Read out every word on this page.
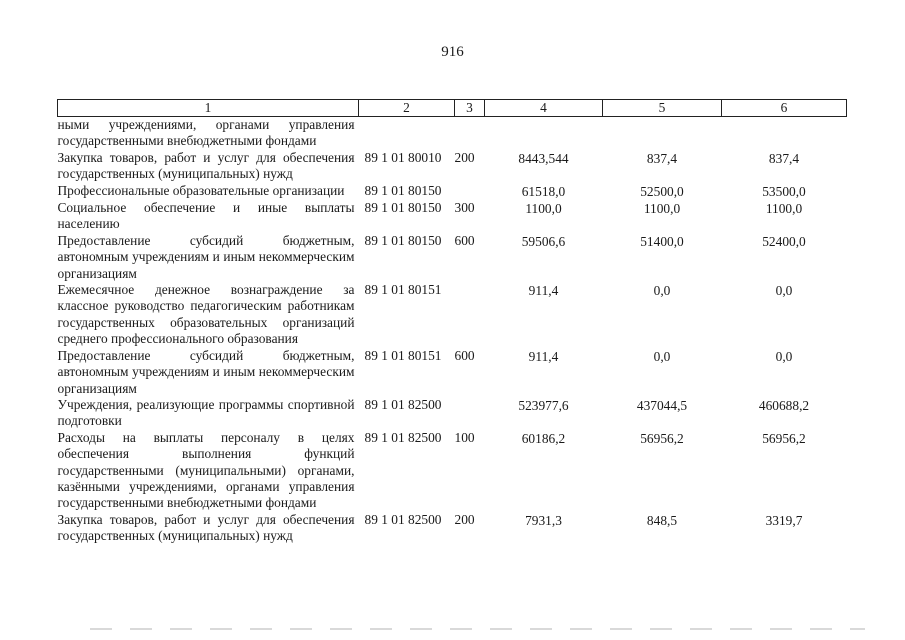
916
1	2	3	4	5	6
ными учреждениями, органами управления государственными внебюджетными фондами					
Закупка товаров, работ и услуг для обеспечения государственных (муниципальных) нужд	89 1 01 80010	200	8443,544	837,4	837,4
Профессиональные образовательные организации	89 1 01 80150		61518,0	52500,0	53500,0
Социальное обеспечение и иные выплаты населению	89 1 01 80150	300	1100,0	1100,0	1100,0
Предоставление субсидий бюджетным, автономным учреждениям и иным некоммерческим организациям	89 1 01 80150	600	59506,6	51400,0	52400,0
Ежемесячное денежное вознаграждение за классное руководство педагогическим работникам государственных образовательных организаций среднего профессионального образования	89 1 01 80151		911,4	0,0	0,0
Предоставление субсидий бюджетным, автономным учреждениям и иным некоммерческим организациям	89 1 01 80151	600	911,4	0,0	0,0
Учреждения, реализующие программы спортивной подготовки	89 1 01 82500		523977,6	437044,5	460688,2
Расходы на выплаты персоналу в целях обеспечения выполнения функций государственными (муниципальными) органами, казёнными учреждениями, органами управления государственными внебюджетными фондами	89 1 01 82500	100	60186,2	56956,2	56956,2
Закупка товаров, работ и услуг для обеспечения государственных (муниципальных) нужд	89 1 01 82500	200	7931,3	848,5	3319,7
